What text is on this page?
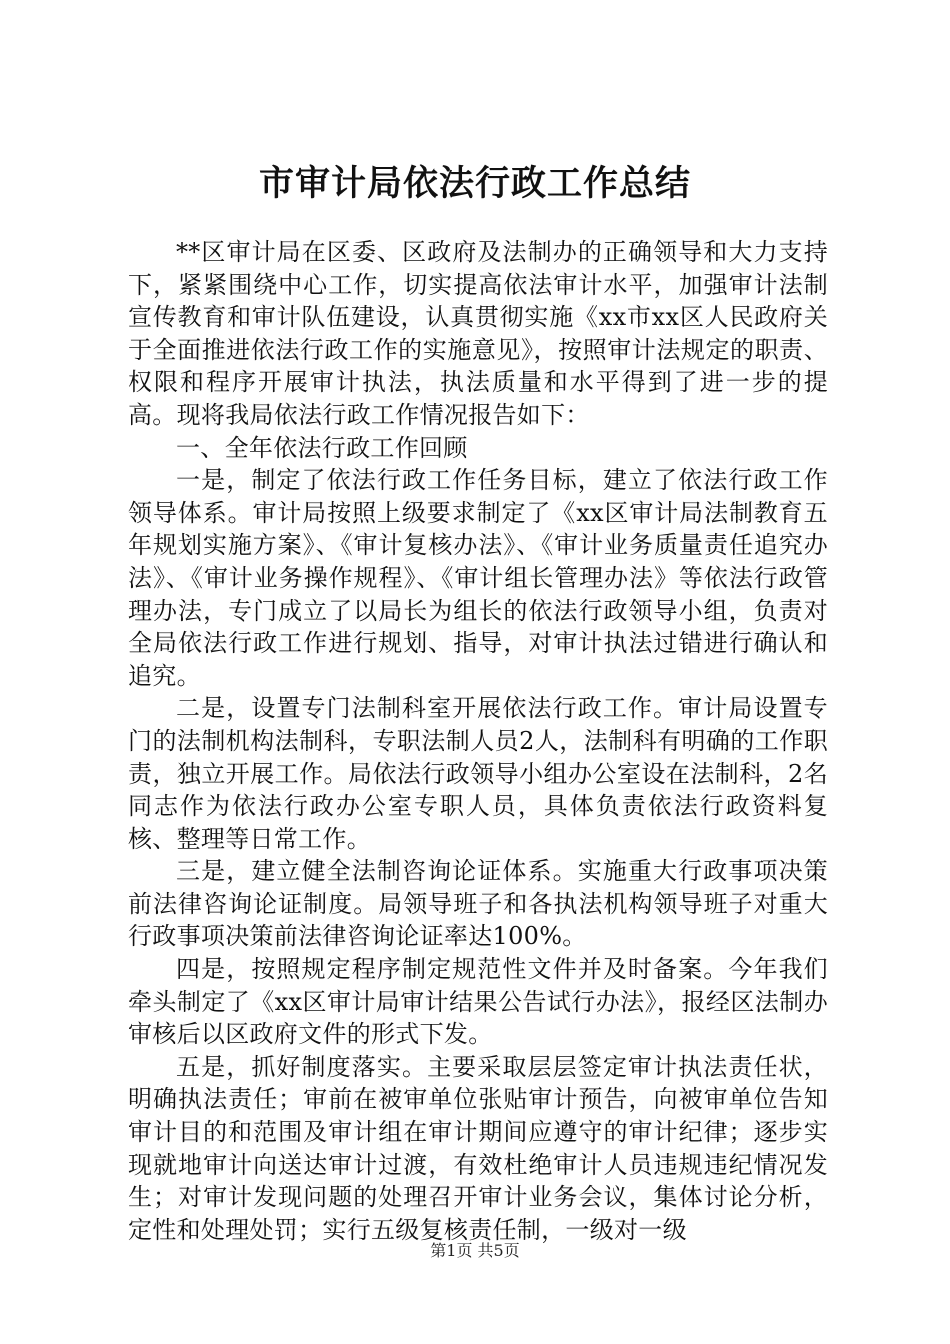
市审计局依法行政工作总结

**区审计局在区委、区政府及法制办的正确领导和大力支持下，紧紧围绕中心工作，切实提高依法审计水平，加强审计法制宣传教育和审计队伍建设，认真贯彻实施《xx市xx区人民政府关于全面推进依法行政工作的实施意见》，按照审计法规定的职责、权限和程序开展审计执法，执法质量和水平得到了进一步的提高。现将我局依法行政工作情况报告如下：

一、全年依法行政工作回顾

一是，制定了依法行政工作任务目标，建立了依法行政工作领导体系。审计局按照上级要求制定了《xx区审计局法制教育五年规划实施方案》、《审计复核办法》、《审计业务质量责任追究办法》、《审计业务操作规程》、《审计组长管理办法》等依法行政管理办法，专门成立了以局长为组长的依法行政领导小组，负责对全局依法行政工作进行规划、指导，对审计执法过错进行确认和追究。

二是，设置专门法制科室开展依法行政工作。审计局设置专门的法制机构法制科，专职法制人员2人，法制科有明确的工作职责，独立开展工作。局依法行政领导小组办公室设在法制科，2名同志作为依法行政办公室专职人员，具体负责依法行政资料复核、整理等日常工作。

三是，建立健全法制咨询论证体系。实施重大行政事项决策前法律咨询论证制度。局领导班子和各执法机构领导班子对重大行政事项决策前法律咨询论证率达100%。

四是，按照规定程序制定规范性文件并及时备案。今年我们牵头制定了《xx区审计局审计结果公告试行办法》，报经区法制办审核后以区政府文件的形式下发。

五是，抓好制度落实。主要采取层层签定审计执法责任状，明确执法责任；审前在被审单位张贴审计预告，向被审单位告知审计目的和范围及审计组在审计期间应遵守的审计纪律；逐步实现就地审计向送达审计过渡，有效杜绝审计人员违规违纪情况发生；对审计发现问题的处理召开审计业务会议，集体讨论分析，定性和处理处罚；实行五级复核责任制，一级对一级

第1页 共5页
